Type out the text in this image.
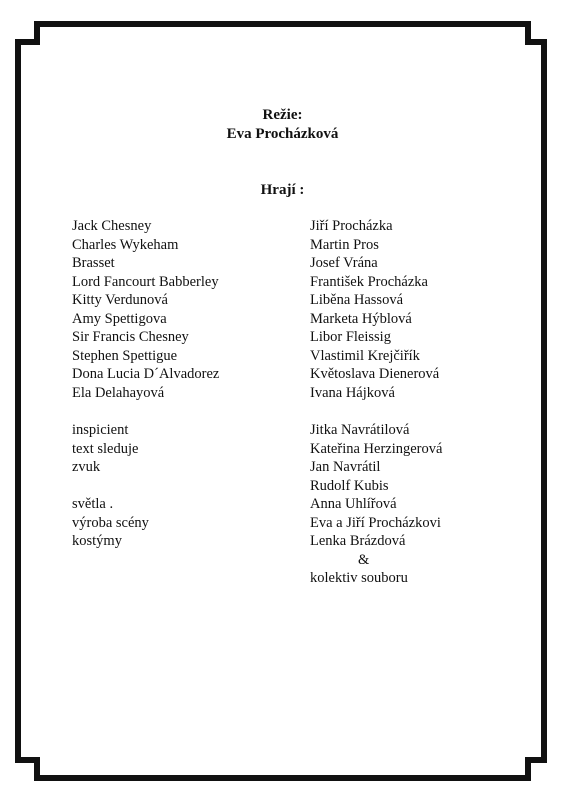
Režie:
Eva Procházková
Hrají :
Jack Chesney
Charles Wykeham
Brasset
Lord Fancourt Babberley
Kitty Verdunová
Amy Spettigova
Sir Francis Chesney
Stephen Spettigue
Dona Lucia D´Alvadorez
Ela Delahayová
Jiří Procházka
Martin Pros
Josef Vrána
František Procházka
Liběna Hassová
Marketa Hýblová
Libor Fleissig
Vlastimil Krejčiřík
Květoslava Dienerová
Ivana Hájková
inspicient
text sleduje
zvuk
světla .
výroba scény
kostýmy
Jitka Navrátilová
Kateřina Herzingerová
Jan Navrátil
Rudolf Kubis
Anna Uhlířová
Eva a Jiří Procházkovi
Lenka Brázdová
&
kolektiv souboru
